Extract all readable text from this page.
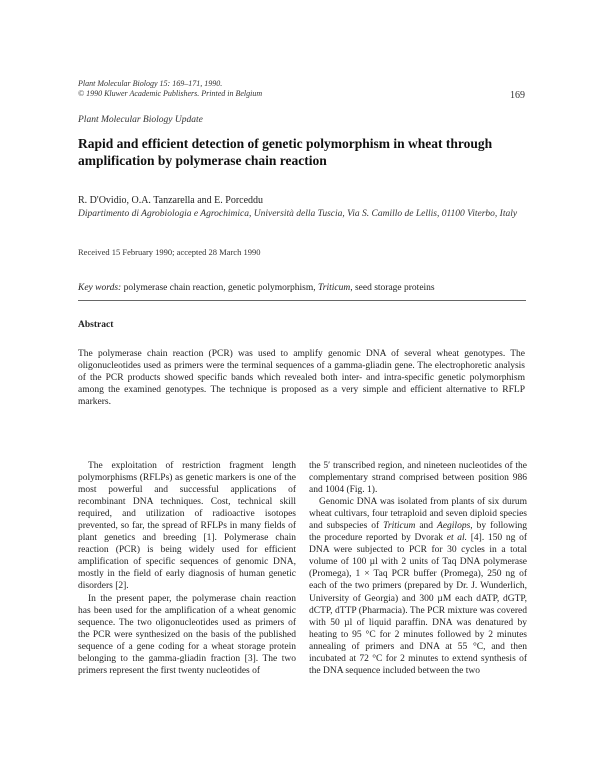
Plant Molecular Biology 15: 169–171, 1990.
© 1990 Kluwer Academic Publishers. Printed in Belgium	169
Plant Molecular Biology Update
Rapid and efficient detection of genetic polymorphism in wheat through amplification by polymerase chain reaction
R. D'Ovidio, O.A. Tanzarella and E. Porceddu
Dipartimento di Agrobiologia e Agrochimica, Università della Tuscia, Via S. Camillo de Lellis, 01100 Viterbo, Italy
Received 15 February 1990; accepted 28 March 1990
Key words: polymerase chain reaction, genetic polymorphism, Triticum, seed storage proteins
Abstract
The polymerase chain reaction (PCR) was used to amplify genomic DNA of several wheat genotypes. The oligonucleotides used as primers were the terminal sequences of a gamma-gliadin gene. The electrophoretic analysis of the PCR products showed specific bands which revealed both inter- and intra-specific genetic polymorphism among the examined genotypes. The technique is proposed as a very simple and efficient alternative to RFLP markers.

The exploitation of restriction fragment length polymorphisms (RFLPs) as genetic markers is one of the most powerful and successful applications of recombinant DNA techniques. Cost, technical skill required, and utilization of radioactive isotopes prevented, so far, the spread of RFLPs in many fields of plant genetics and breeding [1]. Polymerase chain reaction (PCR) is being widely used for efficient amplification of specific sequences of genomic DNA, mostly in the field of early diagnosis of human genetic disorders [2].

In the present paper, the polymerase chain reaction has been used for the amplification of a wheat genomic sequence. The two oligonucleotides used as primers of the PCR were synthesized on the basis of the published sequence of a gene coding for a wheat storage protein belonging to the gamma-gliadin fraction [3]. The two primers represent the first twenty nucleotides of

the 5′ transcribed region, and nineteen nucleotides of the complementary strand comprised between position 986 and 1004 (Fig. 1).

Genomic DNA was isolated from plants of six durum wheat cultivars, four tetraploid and seven diploid species and subspecies of Triticum and Aegilops, by following the procedure reported by Dvorak et al. [4]. 150 ng of DNA were subjected to PCR for 30 cycles in a total volume of 100 µl with 2 units of Taq DNA polymerase (Promega), 1 × Taq PCR buffer (Promega), 250 ng of each of the two primers (prepared by Dr. J. Wunderlich, University of Georgia) and 300 µM each dATP, dGTP, dCTP, dTTP (Pharmacia). The PCR mixture was covered with 50 µl of liquid paraffin. DNA was denatured by heating to 95 °C for 2 minutes followed by 2 minutes annealing of primers and DNA at 55 °C, and then incubated at 72 °C for 2 minutes to extend synthesis of the DNA sequence included between the two
